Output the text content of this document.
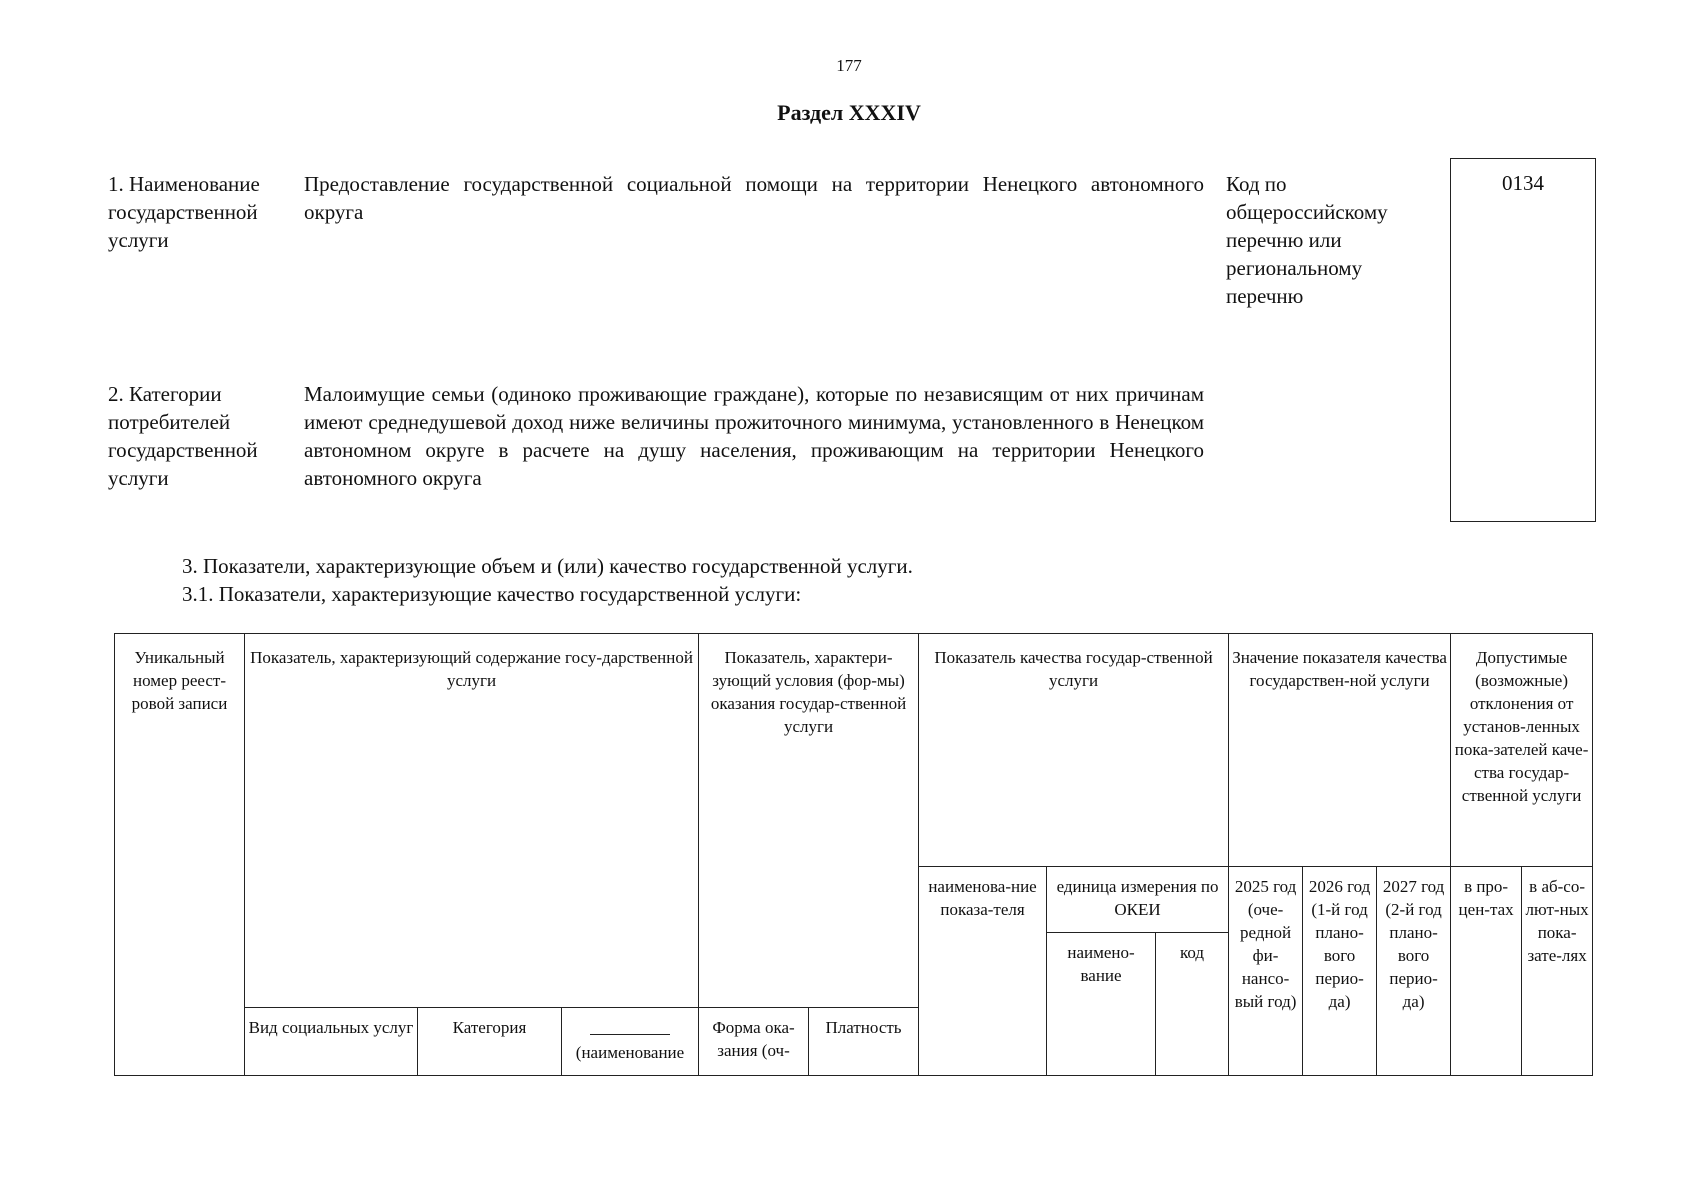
177
Раздел XXXIV
1. Наименование государственной услуги
Предоставление государственной социальной помощи на территории Ненецкого автономного округа
Код по общероссийскому перечню или региональному перечню
0134
2. Категории потребителей государственной услуги
Малоимущие семьи (одиноко проживающие граждане), которые по независящим от них причинам имеют среднедушевой доход ниже величины прожиточного минимума, установленного в Ненецком автономном округе в расчете на душу населения, проживающим на территории Ненецкого автономного округа
3. Показатели, характеризующие объем и (или) качество государственной услуги.
3.1. Показатели, характеризующие качество государственной услуги:
Уникальный номер реест-ровой записи	Показатель, характеризующий содержание госу-дарственной услуги			Показатель, характери-зующий условия (фор-мы) оказания государ-ственной услуги		Показатель качества государ-ственной услуги			Значение показателя качества государствен-ной услуги			Допустимые (возможные) отклонения от установ-ленных пока-зателей каче-ства государ-ственной услуги	
						наименова-ние показа-теля	единица измерения по ОКЕИ		2025 год (оче-редной фи-нансо-вый год)	2026 год (1-й год плано-вого перио-да)	2027 год (2-й год плано-вого перио-да)	в про-цен-тах	в аб-со-лют-ных пока-зате-лях
							наимено-вание	код					
	Вид социальных услуг	Категория	(наименование	Форма ока-зания (оч-	Платность								
